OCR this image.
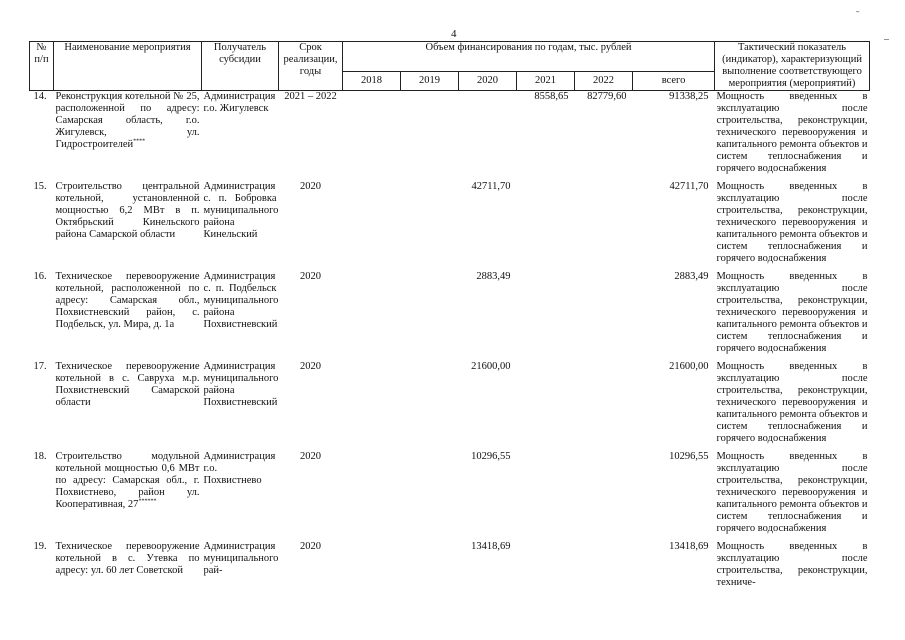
4
ˉ
–
№ п/п	Наименование мероприятия	Получатель субсидии	Срок реализации, годы	Объем финансирования по годам, тыс. рублей						Тактический показатель (индикатор), характеризующий выполнение соответствующего мероприятия (мероприятий)
				2018	2019	2020	2021	2022	всего	
14.	Реконструкция котельной № 25, расположенной по адресу: Самарская область, г.о. Жигулевск, ул. Гидростроителей****	Администрация г.о. Жигулевск	2021 – 2022				8558,65	82779,60	91338,25	Мощность введенных в эксплуатацию после строительства, реконструкции, технического перевооружения и капитального ремонта объектов и систем теплоснабжения и горячего водоснабжения
15.	Строительство центральной котельной, установленной мощностью 6,2 МВт в п. Октябрьский Кинельского района Самарской области	Администрация с. п. Бобровка муниципального района Кинельский	2020			42711,70			42711,70	Мощность введенных в эксплуатацию после строительства, реконструкции, технического перевооружения и капитального ремонта объектов и систем теплоснабжения и горячего водоснабжения
16.	Техническое перевооружение котельной, расположенной по адресу: Самарская обл., Похвистневский район, с. Подбельск, ул. Мира, д. 1а	Администрация с. п. Подбельск муниципального района Похвистневский	2020			2883,49			2883,49	Мощность введенных в эксплуатацию после строительства, реконструкции, технического перевооружения и капитального ремонта объектов и систем теплоснабжения и горячего водоснабжения
17.	Техническое перевооружение котельной в с. Савруха м.р. Похвистневский Самарской области	Администрация муниципального района Похвистневский	2020			21600,00			21600,00	Мощность введенных в эксплуатацию после строительства, реконструкции, технического перевооружения и капитального ремонта объектов и систем теплоснабжения и горячего водоснабжения
18.	Строительство модульной котельной мощностью 0,6 МВт по адресу: Самарская обл., г. Похвистнево, район ул. Кооперативная, 27******	Администрация г.о. Похвистнево	2020			10296,55			10296,55	Мощность введенных в эксплуатацию после строительства, реконструкции, технического перевооружения и капитального ремонта объектов и систем теплоснабжения и горячего водоснабжения
19.	Техническое перевооружение котельной в с. Утевка по адресу: ул. 60 лет Советской	Администрация муниципального рай-	2020			13418,69			13418,69	Мощность введенных в эксплуатацию после строительства, реконструкции, техниче-
